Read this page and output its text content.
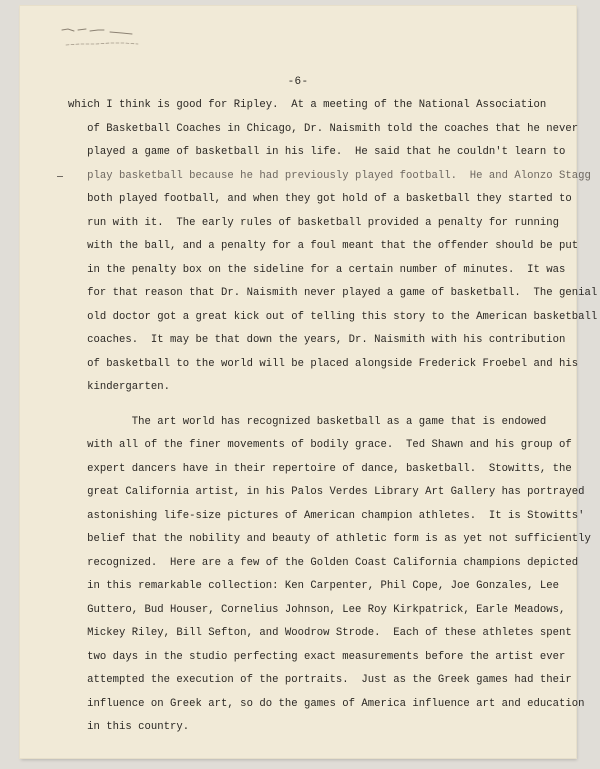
-6-
which I think is good for Ripley.  At a meeting of the National Association
of Basketball Coaches in Chicago, Dr. Naismith told the coaches that he never
played a game of basketball in his life.  He said that he couldn't learn to
play basketball because he had previously played football.  He and Alonzo Stagg
both played football, and when they got hold of a basketball they started to
run with it.  The early rules of basketball provided a penalty for running
with the ball, and a penalty for a foul meant that the offender should be put
in the penalty box on the sideline for a certain number of minutes.  It was
for that reason that Dr. Naismith never played a game of basketball.  The genial
old doctor got a great kick out of telling this story to the American basketball
coaches.  It may be that down the years, Dr. Naismith with his contribution
of basketball to the world will be placed alongside Frederick Froebel and his
kindergarten.
The art world has recognized basketball as a game that is endowed
with all of the finer movements of bodily grace.  Ted Shawn and his group of
expert dancers have in their repertoire of dance, basketball.  Stowitts, the
great California artist, in his Palos Verdes Library Art Gallery has portrayed
astonishing life-size pictures of American champion athletes.  It is Stowitts'
belief that the nobility and beauty of athletic form is as yet not sufficiently
recognized.  Here are a few of the Golden Coast California champions depicted
in this remarkable collection: Ken Carpenter, Phil Cope, Joe Gonzales, Lee
Guttero, Bud Houser, Cornelius Johnson, Lee Roy Kirkpatrick, Earle Meadows,
Mickey Riley, Bill Sefton, and Woodrow Strode.  Each of these athletes spent
two days in the studio perfecting exact measurements before the artist ever
attempted the execution of the portraits.  Just as the Greek games had their
influence on Greek art, so do the games of America influence art and education
in this country.
